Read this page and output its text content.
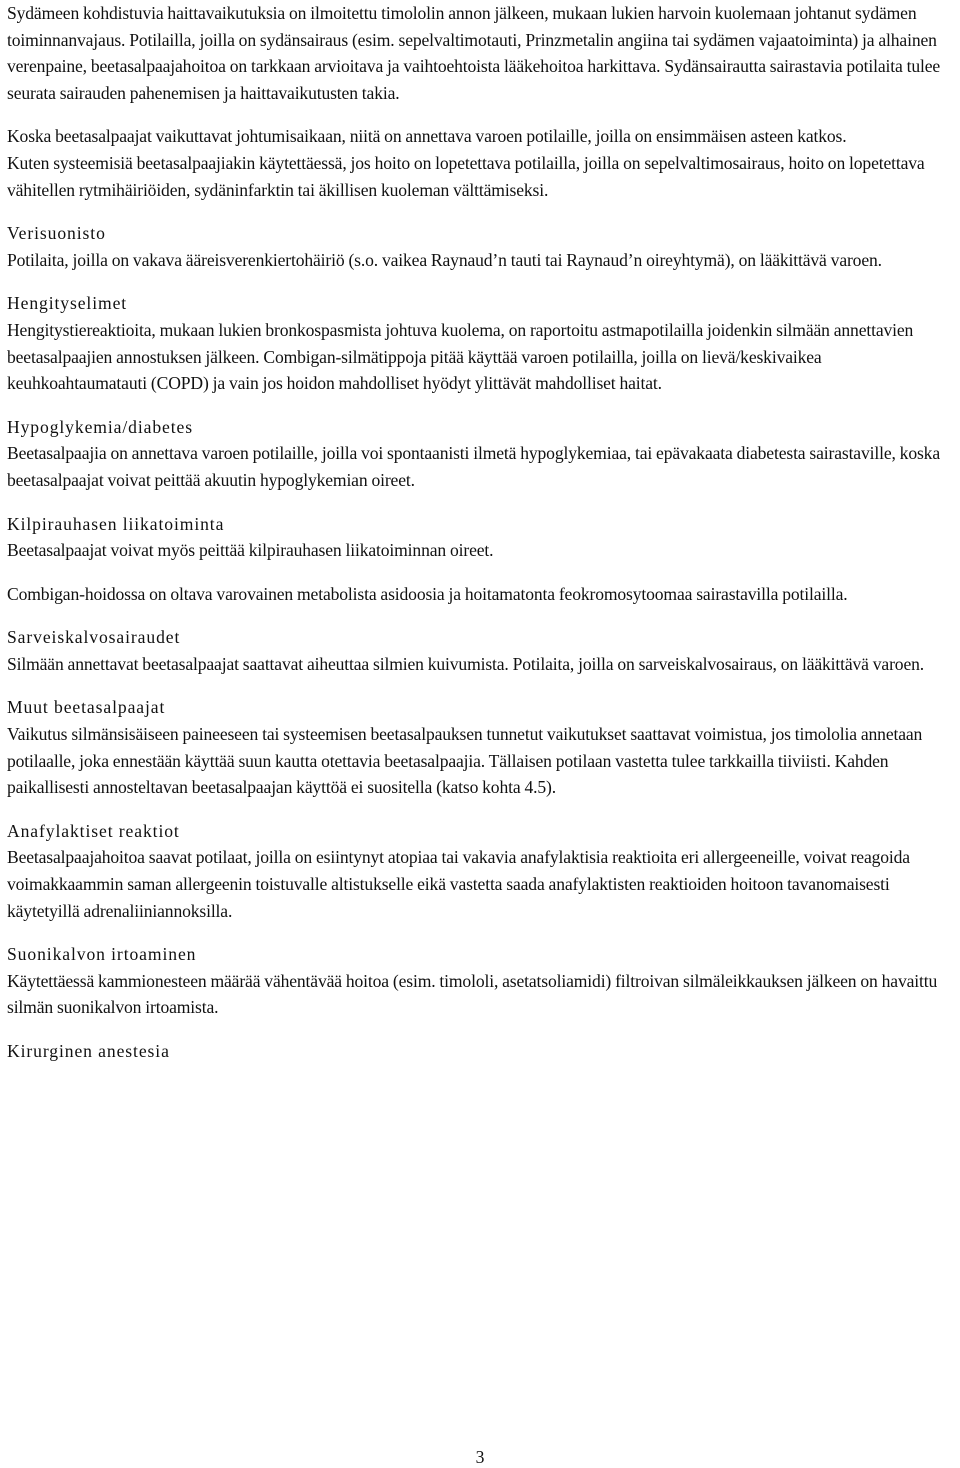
Sydämeen kohdistuvia haittavaikutuksia on ilmoitettu timololin annon jälkeen, mukaan lukien harvoin kuolemaan johtanut sydämen toiminnanvajaus. Potilailla, joilla on sydänsairaus (esim. sepelvaltimotauti, Prinzmetalin angiina tai sydämen vajaatoiminta) ja alhainen verenpaine, beetasalpaajahoitoa on tarkkaan arvioitava ja vaihtoehtoista lääkehoitoa harkittava. Sydänsairautta sairastavia potilaita tulee seurata sairauden pahenemisen ja haittavaikutusten takia.

Koska beetasalpaajat vaikuttavat johtumisaikaan, niitä on annettava varoen potilaille, joilla on ensimmäisen asteen katkos.

Kuten systeemisiä beetasalpaajiakin käytettäessä, jos hoito on lopetettava potilailla, joilla on sepelvaltimosairaus, hoito on lopetettava vähitellen rytmihäiriöiden, sydäninfarktin tai äkillisen kuoleman välttämiseksi.

Verisuonisto

Potilaita, joilla on vakava ääreisverenkiertohäiriö (s.o. vaikea Raynaud’n tauti tai Raynaud’n oireyhtymä), on lääkittävä varoen.

Hengityselimet

Hengitystiereaktioita, mukaan lukien bronkospasmista johtuva kuolema, on raportoitu astmapotilailla joidenkin silmään annettavien beetasalpaajien annostuksen jälkeen. Combigan-silmätippoja pitää käyttää varoen potilailla, joilla on lievä/keskivaikea keuhkoahtaumatauti (COPD) ja vain jos hoidon mahdolliset hyödyt ylittävät mahdolliset haitat.

Hypoglykemia/diabetes

Beetasalpaajia on annettava varoen potilaille, joilla voi spontaanisti ilmetä hypoglykemiaa, tai epävakaata diabetesta sairastaville, koska beetasalpaajat voivat peittää akuutin hypoglykemian oireet.

Kilpirauhasen liikatoiminta

Beetasalpaajat voivat myös peittää kilpirauhasen liikatoiminnan oireet.

Combigan-hoidossa on oltava varovainen metabolista asidoosia ja hoitamatonta feokromosytoomaa sairastavilla potilailla.

Sarveiskalvosairaudet

Silmään annettavat beetasalpaajat saattavat aiheuttaa silmien kuivumista. Potilaita, joilla on sarveiskalvosairaus, on lääkittävä varoen.

Muut beetasalpaajat

Vaikutus silmänsisäiseen paineeseen tai systeemisen beetasalpauksen tunnetut vaikutukset saattavat voimistua, jos timololia annetaan potilaalle, joka ennestään käyttää suun kautta otettavia beetasalpaajia. Tällaisen potilaan vastetta tulee tarkkailla tiiviisti. Kahden paikallisesti annosteltavan beetasalpaajan käyttöä ei suositella (katso kohta 4.5).

Anafylaktiset reaktiot

Beetasalpaajahoitoa saavat potilaat, joilla on esiintynyt atopiaa tai vakavia anafylaktisia reaktioita eri allergeeneille, voivat reagoida voimakkaammin saman allergeenin toistuvalle altistukselle eikä vastetta saada anafylaktisten reaktioiden hoitoon tavanomaisesti käytetyillä adrenaliiniannoksilla.

Suonikalvon irtoaminen

Käytettäessä kammionesteen määrää vähentävää hoitoa (esim. timololi, asetatsoliamidi) filtroivan silmäleikkauksen jälkeen on havaittu silmän suonikalvon irtoamista.

Kirurginen anestesia

3
